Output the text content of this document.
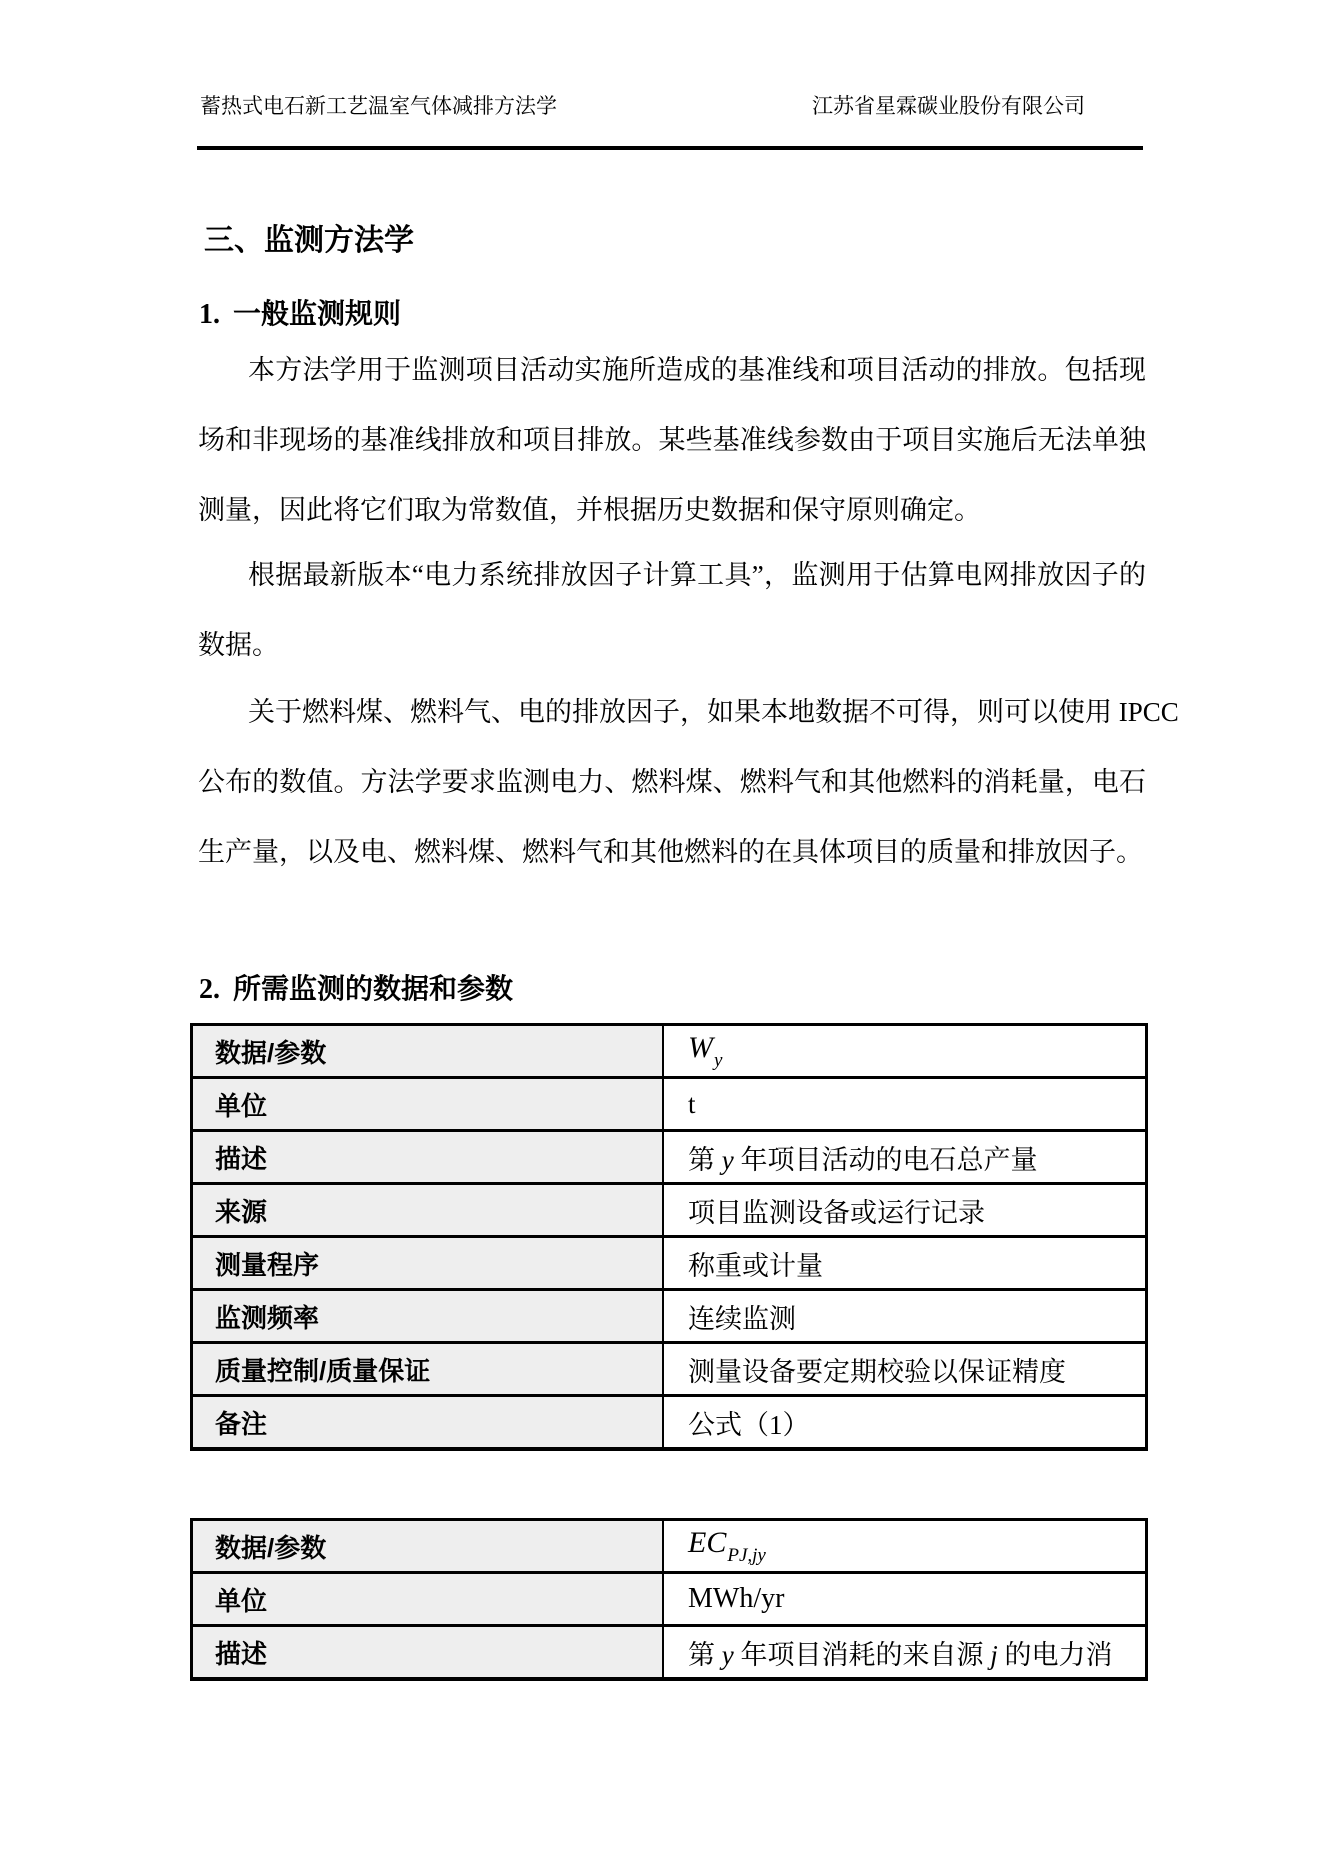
蓄热式电石新工艺温室气体减排方法学	江苏省星霖碳业股份有限公司
三、监测方法学
1. 一般监测规则
本方法学用于监测项目活动实施所造成的基准线和项目活动的排放。包括现
场和非现场的基准线排放和项目排放。某些基准线参数由于项目实施后无法单独
测量，因此将它们取为常数值，并根据历史数据和保守原则确定。
根据最新版本“电力系统排放因子计算工具”，监测用于估算电网排放因子的
数据。
关于燃料煤、燃料气、电的排放因子，如果本地数据不可得，则可以使用 IPCC
公布的数值。方法学要求监测电力、燃料煤、燃料气和其他燃料的消耗量，电石
生产量，以及电、燃料煤、燃料气和其他燃料的在具体项目的质量和排放因子。
2. 所需监测的数据和参数
数据/参数	$W_y$
单位	t
描述	第 y 年项目活动的电石总产量
来源	项目监测设备或运行记录
测量程序	称重或计量
监测频率	连续监测
质量控制/质量保证	测量设备要定期校验以保证精度
备注	公式（1）
数据/参数	$EC_{PJ,jy}$
单位	MWh/yr
描述	第 y 年项目消耗的来自源 j 的电力消
